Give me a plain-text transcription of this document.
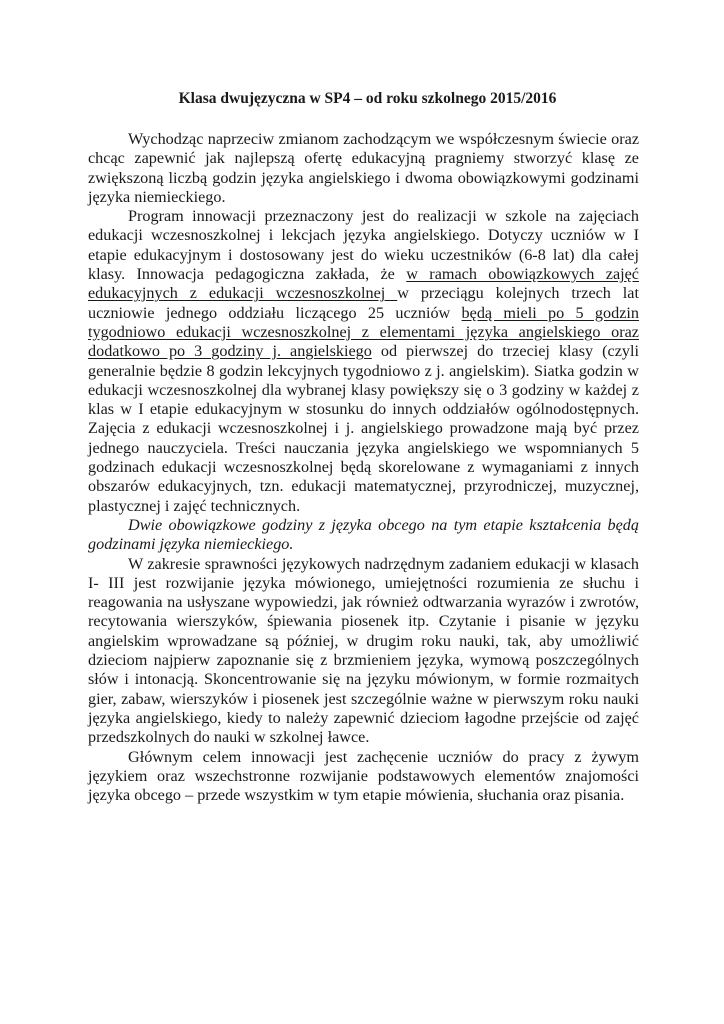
Klasa dwujęzyczna w SP4 – od roku szkolnego 2015/2016

Wychodząc naprzeciw zmianom zachodzącym we współczesnym świecie oraz chcąc zapewnić jak najlepszą ofertę edukacyjną pragniemy stworzyć klasę ze zwiększoną liczbą godzin języka angielskiego i dwoma obowiązkowymi godzinami języka niemieckiego.

Program innowacji przeznaczony jest do realizacji w szkole na zajęciach edukacji wczesnoszkolnej i lekcjach języka angielskiego. Dotyczy uczniów w I etapie edukacyjnym i dostosowany jest do wieku uczestników (6-8 lat) dla całej klasy. Innowacja pedagogiczna zakłada, że w ramach obowiązkowych zajęć edukacyjnych z edukacji wczesnoszkolnej w przeciągu kolejnych trzech lat uczniowie jednego oddziału liczącego 25 uczniów będą mieli po 5 godzin tygodniowo edukacji wczesnoszkolnej z elementami języka angielskiego oraz dodatkowo po 3 godziny j. angielskiego od pierwszej do trzeciej klasy (czyli generalnie będzie 8 godzin lekcyjnych tygodniowo z j. angielskim). Siatka godzin w edukacji wczesnoszkolnej dla wybranej klasy powiększy się o 3 godziny w każdej z klas w I etapie edukacyjnym w stosunku do innych oddziałów ogólnodostępnych. Zajęcia z edukacji wczesnoszkolnej i j. angielskiego prowadzone mają być przez jednego nauczyciela. Treści nauczania języka angielskiego we wspomnianych 5 godzinach edukacji wczesnoszkolnej będą skorelowane z wymaganiami z innych obszarów edukacyjnych, tzn. edukacji matematycznej, przyrodniczej, muzycznej, plastycznej i zajęć technicznych.

Dwie obowiązkowe godziny z języka obcego na tym etapie kształcenia będą godzinami języka niemieckiego.

W zakresie sprawności językowych nadrzędnym zadaniem edukacji w klasach I- III jest rozwijanie języka mówionego, umiejętności rozumienia ze słuchu i reagowania na usłyszane wypowiedzi, jak również odtwarzania wyrazów i zwrotów, recytowania wierszyków, śpiewania piosenek itp. Czytanie i pisanie w języku angielskim wprowadzane są później, w drugim roku nauki, tak, aby umożliwić dzieciom najpierw zapoznanie się z brzmieniem języka, wymową poszczególnych słów i intonacją. Skoncentrowanie się na języku mówionym, w formie rozmaitych gier, zabaw, wierszyków i piosenek jest szczególnie ważne w pierwszym roku nauki języka angielskiego, kiedy to należy zapewnić dzieciom łagodne przejście od zajęć przedszkolnych do nauki w szkolnej ławce.

Głównym celem innowacji jest zachęcenie uczniów do pracy z żywym językiem oraz wszechstronne rozwijanie podstawowych elementów znajomości języka obcego – przede wszystkim w tym etapie mówienia, słuchania oraz pisania.
